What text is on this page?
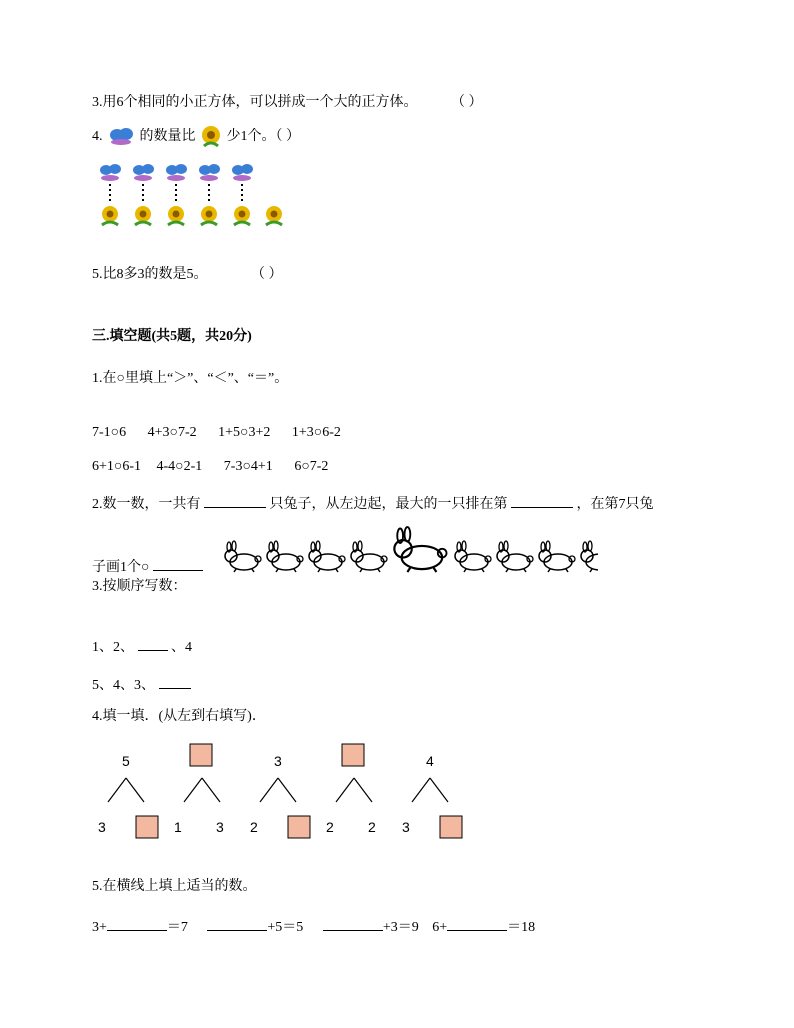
3.用6个相同的小正方体，可以拼成一个大的正方体。 （ ）
4.	的数量比 少1个。（ ）
5.比8多3的数是5。	（ ）
三.填空题(共5题，共20分)
1.在○里填上“＞”、“＜”、“＝”。
7-1○6 4+3○7-2 1+5○3+2 1+3○6-2
6+1○6-1 4-4○2-1 7-3○4+1 6○7-2
2.数一数，一共有	只兔子，从左边起，最大的一只排在第	，在第7只兔
子画1个○
3.按顺序写数：
1、2、	、4
5、4、3、
4.填一填．(从左到右填写)．
5
3	1 3
3
2	2 2
4
3
5.在横线上填上适当的数。
3+	＝7	+5＝5	+3＝9 6+	＝18
